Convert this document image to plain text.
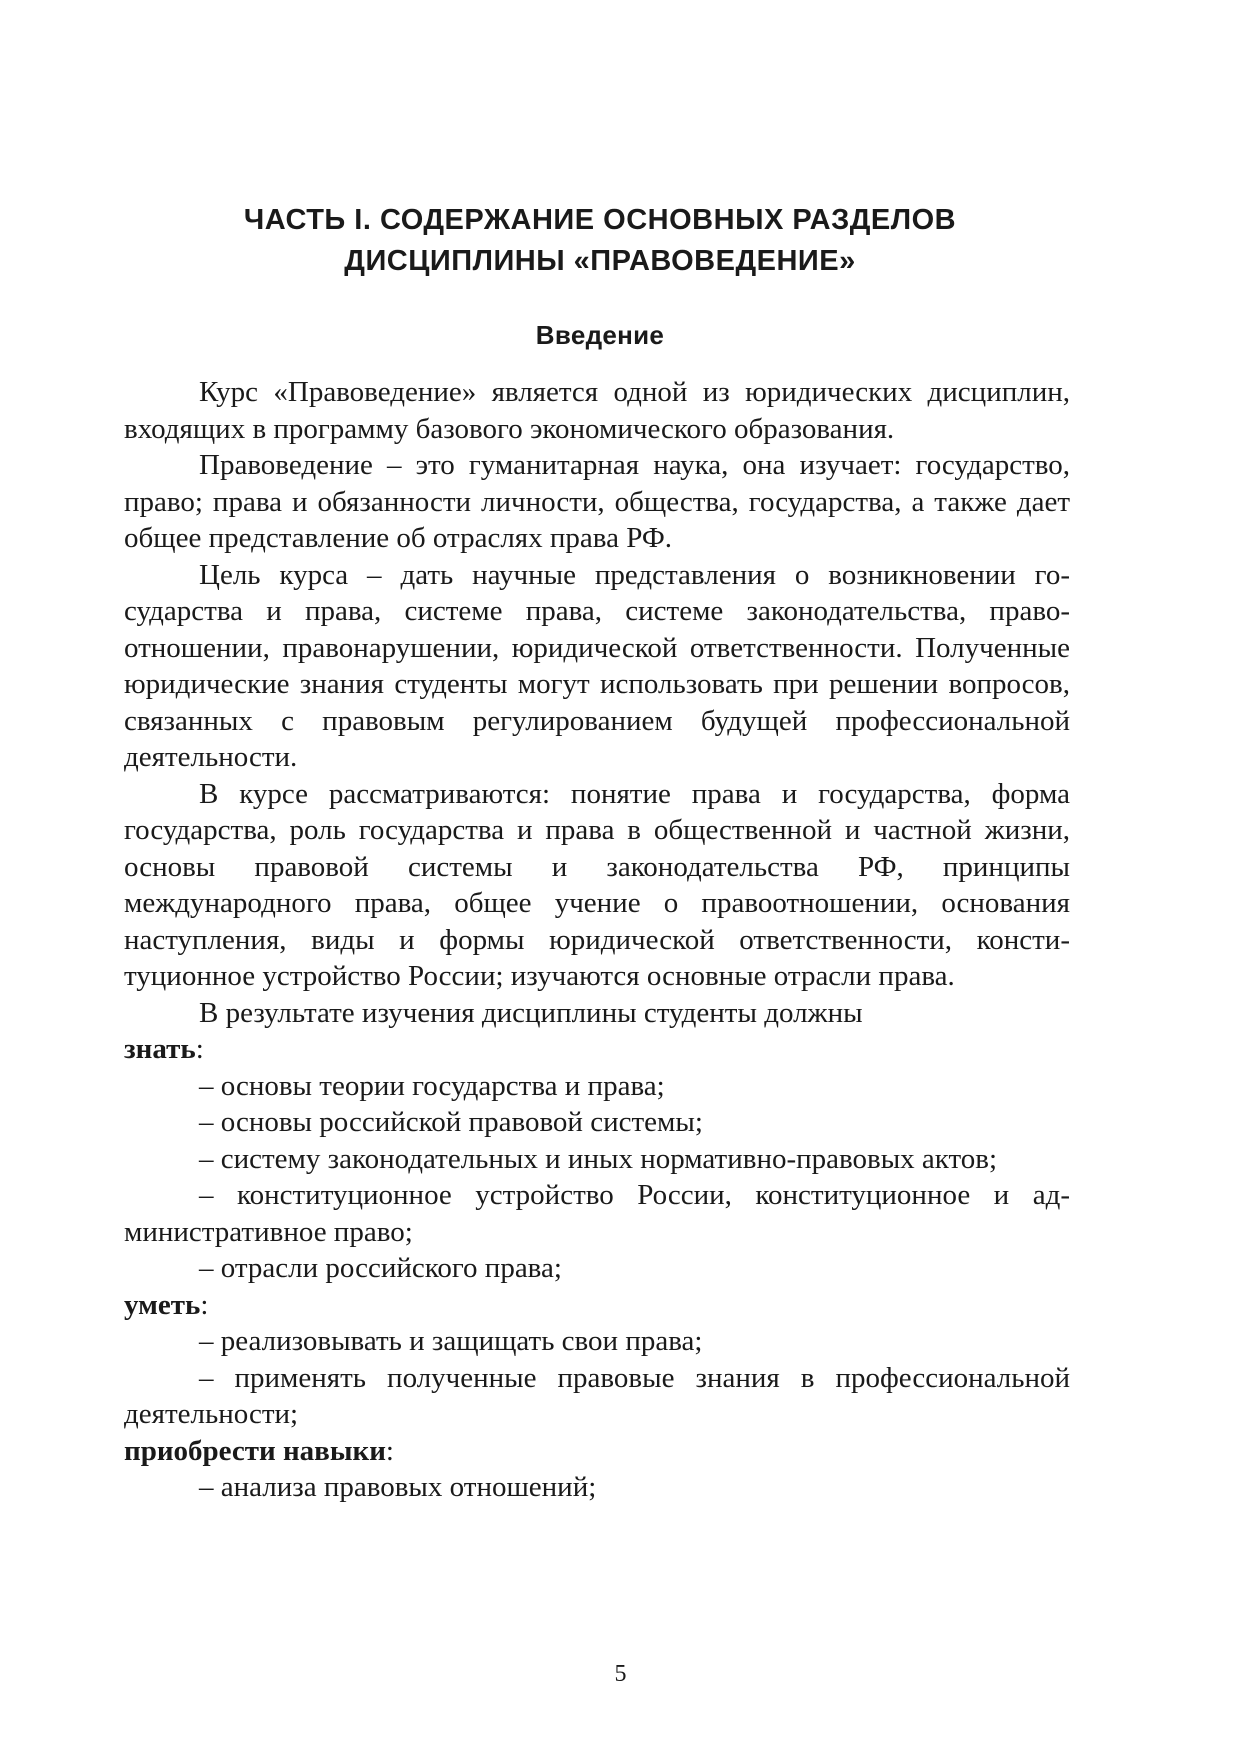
ЧАСТЬ I. СОДЕРЖАНИЕ ОСНОВНЫХ РАЗДЕЛОВ
ДИСЦИПЛИНЫ «ПРАВОВЕДЕНИЕ»
Введение

Курс «Правоведение» является одной из юридических дисциплин, входящих в программу базового экономического образования.

Правоведение – это гуманитарная наука, она изучает: государство, право; права и обязанности личности, общества, государства, а также дает общее представление об отраслях права РФ.

Цель курса – дать научные представления о возникновении государства и права, системе права, системе законодательства, правоотношении, правонарушении, юридической ответственности. Полученные юридические знания студенты могут использовать при решении вопросов, связанных с правовым регулированием будущей профессиональной деятельности.

В курсе рассматриваются: понятие права и государства, форма государства, роль государства и права в общественной и частной жизни, основы правовой системы и законодательства РФ, принципы международного права, общее учение о правоотношении, основания наступления, виды и формы юридической ответственности, конституционное устройство России; изучаются основные отрасли права.

В результате изучения дисциплины студенты должны

знать:

– основы теории государства и права;

– основы российской правовой системы;

– систему законодательных и иных нормативно-правовых актов;

– конституционное устройство России, конституционное и административное право;

– отрасли российского права;

уметь:

– реализовывать и защищать свои права;

– применять полученные правовые знания в профессиональной деятельности;

приобрести навыки:

– анализа правовых отношений;

5
